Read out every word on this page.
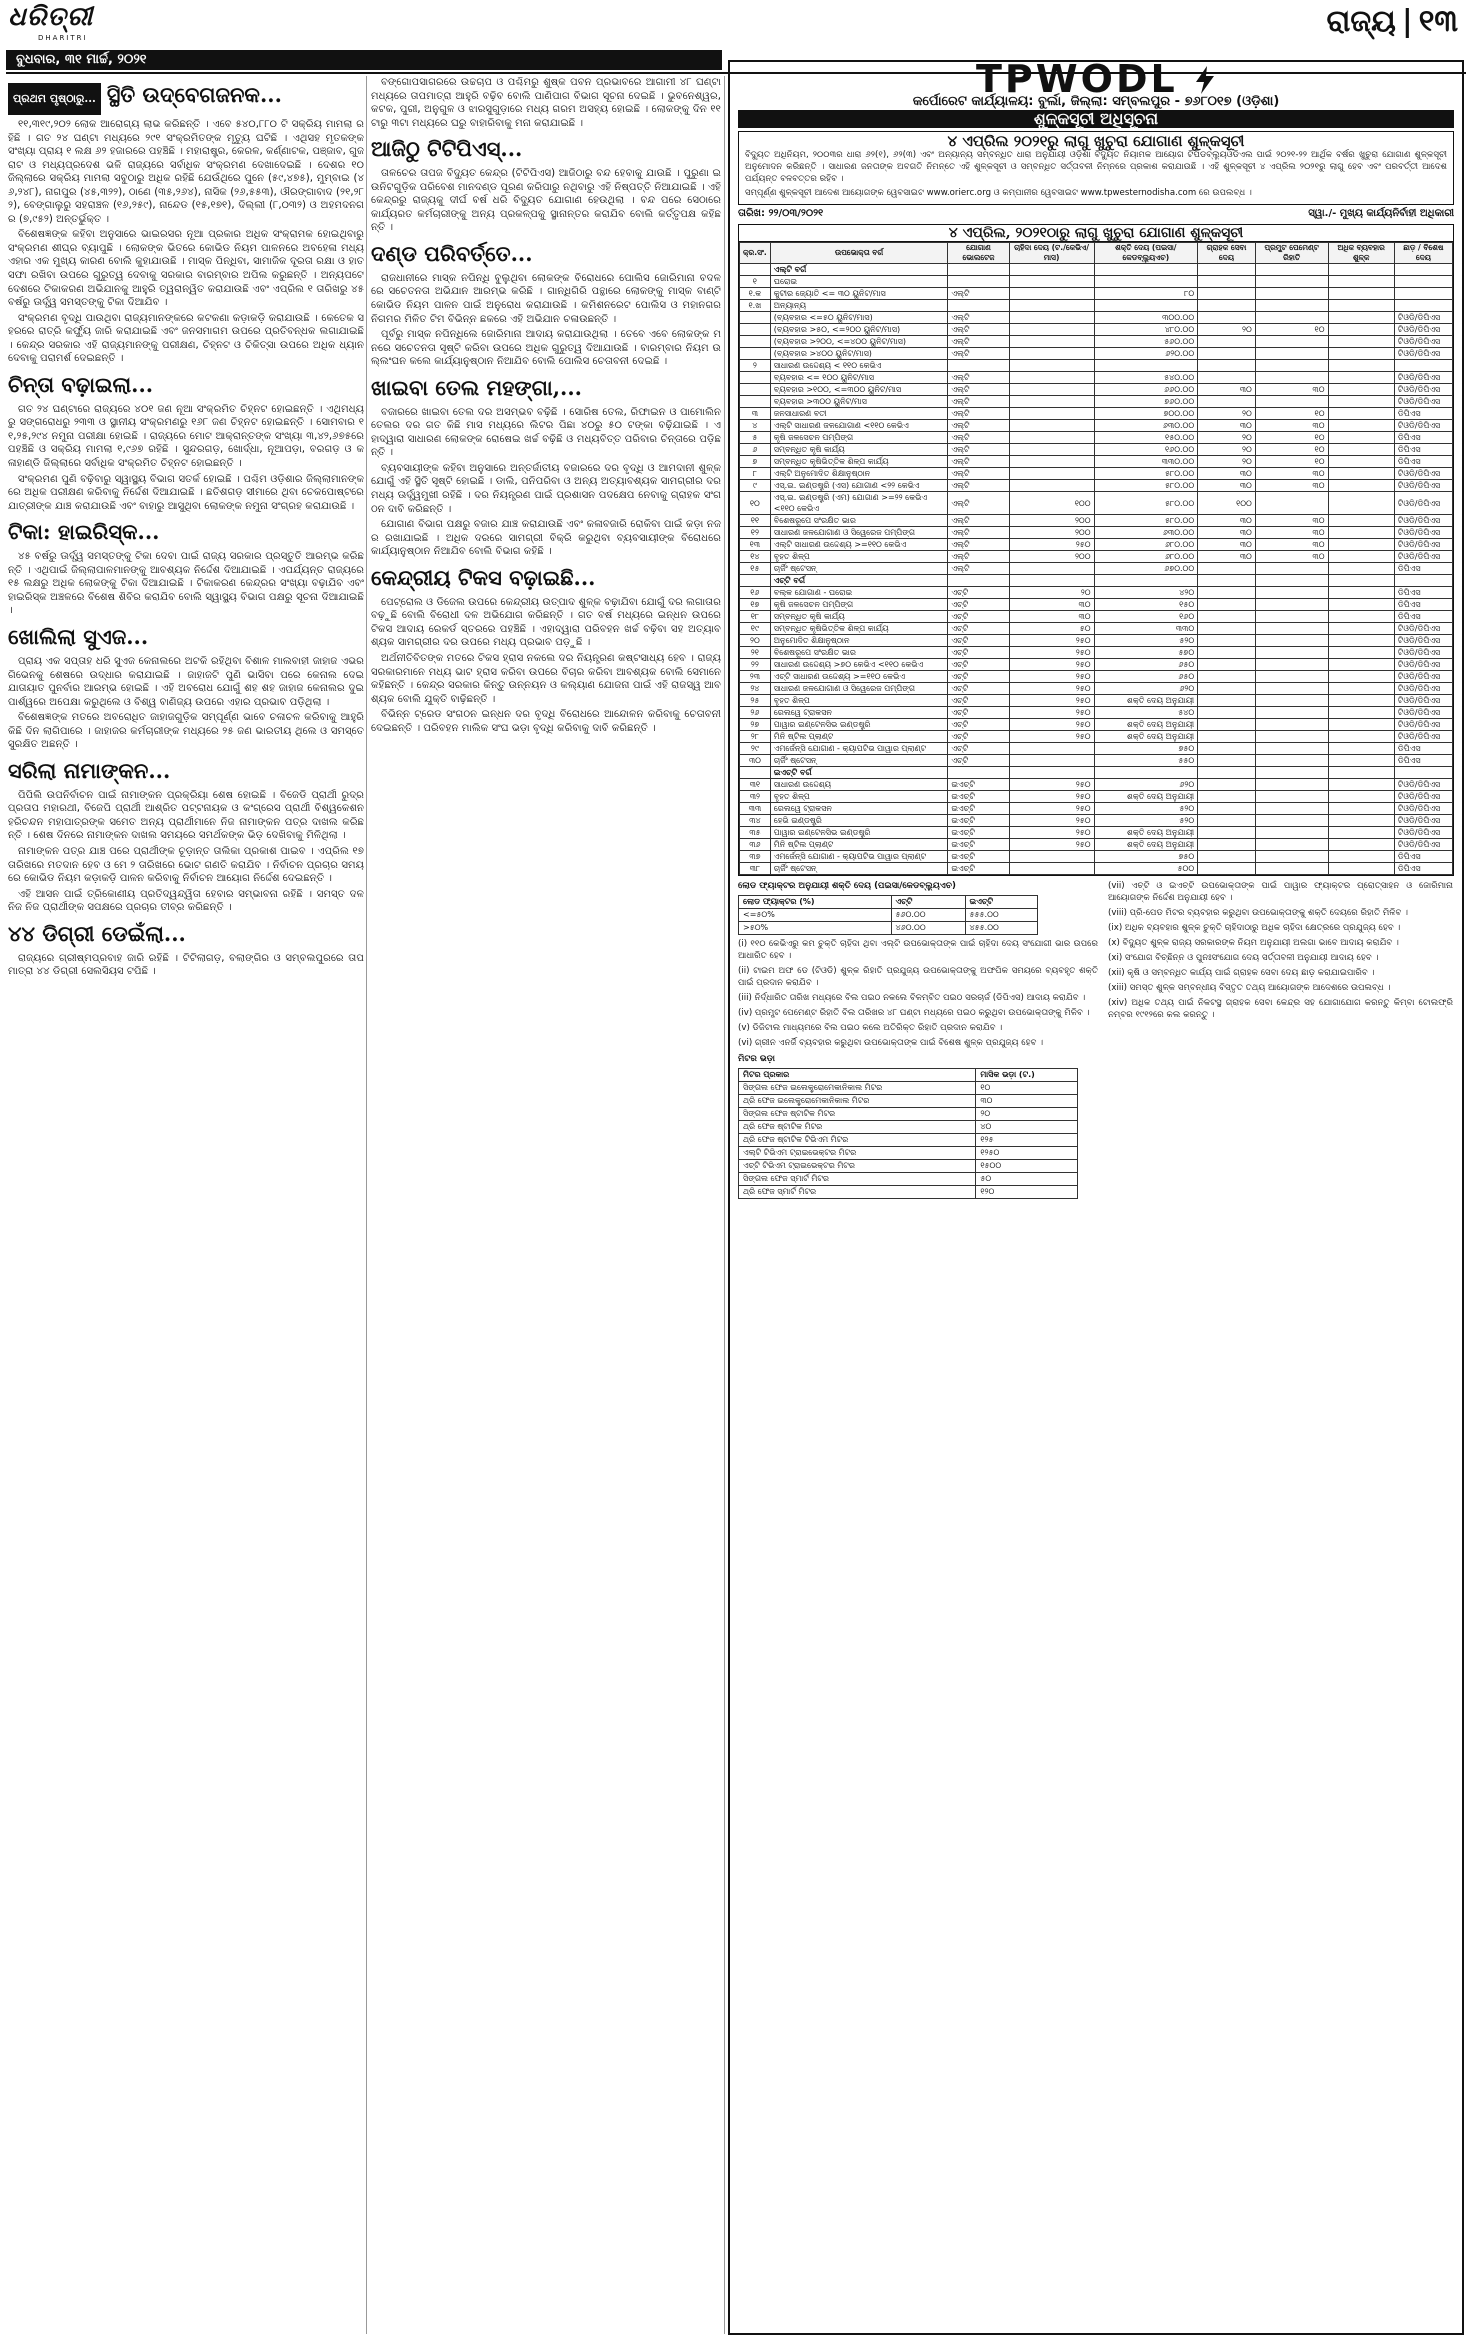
ଧରିତ୍ରୀ
DHARITRI	ରାଜ୍ୟ | ୧୩
ବୁଧବାର, ୩୧ ମାର୍ଚ୍ଚ, ୨୦୨୧
ପ୍ରଥମ ପୃଷ୍ଠାରୁ... ସ୍ଥିତି ଉଦ୍‌ବେଗଜନକ...

୧୧,୩୧୯,୨୦୨ ଲୋକ ଆରୋଗ୍ୟ ଲାଭ କରିଛନ୍ତି । ଏବେ ୫୪୦,୮୮୦ ଟି ସକ୍ରିୟ ମାମଲା ରହିଛି । ଗତ ୨୪ ଘଣ୍ଟା ମଧ୍ୟରେ ୨୯୧ ସଂକ୍ରମିତଙ୍କ ମୃତ୍ୟୁ ଘଟିଛି । ଏଥିସହ ମୃତକଙ୍କ ସଂଖ୍ୟା ପ୍ରାୟ ୧ ଲକ୍ଷ ୬୨ ହଜାରରେ ପହଞ୍ଚିଛି । ମହାରାଷ୍ଟ୍ର, କେରଳ, କର୍ଣ୍ଣାଟକ, ପଞ୍ଜାବ, ଗୁଜରାଟ ଓ ମଧ୍ୟପ୍ରଦେଶ ଭଳି ରାଜ୍ୟରେ ସର୍ବାଧିକ ସଂକ୍ରମଣ ଦେଖାଦେଇଛି । ଦେଶର ୧୦ ଜିଲ୍ଲାରେ ସକ୍ରିୟ ମାମଲା ସବୁଠାରୁ ଅଧିକ ରହିଛି ଯେଉଁଥିରେ ପୁନେ (୫୯,୪୭୫), ମୁମ୍ବାଇ (୪୬,୨୪୮), ନାଗପୁର (୪୫,୩୨୨), ଠାଣେ (୩୫,୨୬୪), ନାସିକ (୨୬,୫୫୩), ଔରଙ୍ଗାବାଦ (୨୧,୨୮୨), ବେଙ୍ଗାଲୁରୁ ସହରାଞ୍ଚଳ (୧୬,୨୫୯), ନାନ୍ଦେଡ (୧୫,୧୭୧), ଦିଲ୍ଲୀ (୮,୦୩୨) ଓ ଅହମଦନଗର (୭,୯୫୨) ଅନ୍ତର୍ଭୁକ୍ତ ।

ବିଶେଷଜ୍ଞଙ୍କ କହିବା ଅନୁସାରେ ଭାଇରସର ନୂଆ ପ୍ରକାର ଅଧିକ ସଂକ୍ରାମକ ହୋଇଥିବାରୁ ସଂକ୍ରମଣ ଶୀଘ୍ର ବ୍ୟାପୁଛି । ଲୋକଙ୍କ ଭିତରେ କୋଭିଡ ନିୟମ ପାଳନରେ ଅବହେଳା ମଧ୍ୟ ଏହାର ଏକ ମୁଖ୍ୟ କାରଣ ବୋଲି କୁହାଯାଉଛି । ମାସ୍କ ପିନ୍ଧିବା, ସାମାଜିକ ଦୂରତା ରକ୍ଷା ଓ ହାତ ସଫା ରଖିବା ଉପରେ ଗୁରୁତ୍ୱ ଦେବାକୁ ସରକାର ବାରମ୍ବାର ଅପିଲ କରୁଛନ୍ତି । ଅନ୍ୟପଟେ ଦେଶରେ ଟିକାକରଣ ଅଭିଯାନକୁ ଆହୁରି ତ୍ୱରାନ୍ୱିତ କରାଯାଉଛି ଏବଂ ଏପ୍ରିଲ ୧ ତାରିଖରୁ ୪୫ ବର୍ଷରୁ ଊର୍ଦ୍ଧ୍ୱ ସମସ୍ତଙ୍କୁ ଟିକା ଦିଆଯିବ ।

ସଂକ୍ରମଣ ବୃଦ୍ଧି ପାଉଥିବା ରାଜ୍ୟମାନଙ୍କରେ କଟକଣା କଡ଼ାକଡ଼ି କରାଯାଉଛି । କେତେକ ସହରରେ ରାତ୍ରି କର୍ଫ୍ୟୁ ଜାରି କରାଯାଇଛି ଏବଂ ଜନସମାଗମ ଉପରେ ପ୍ରତିବନ୍ଧକ ଲଗାଯାଇଛି । କେନ୍ଦ୍ର ସରକାର ଏହି ରାଜ୍ୟମାନଙ୍କୁ ପରୀକ୍ଷଣ, ଚିହ୍ନଟ ଓ ଚିକିତ୍ସା ଉପରେ ଅଧିକ ଧ୍ୟାନ ଦେବାକୁ ପରାମର୍ଶ ଦେଇଛନ୍ତି ।

ଚିନ୍ତା ବଢ଼ାଇଲା...

ଗତ ୨୪ ଘଣ୍ଟାରେ ରାଜ୍ୟରେ ୪୦୧ ଜଣ ନୂଆ ସଂକ୍ରମିତ ଚିହ୍ନଟ ହୋଇଛନ୍ତି । ଏଥିମଧ୍ୟରୁ ସଙ୍ଗରୋଧରୁ ୨୩୩ ଓ ସ୍ଥାନୀୟ ସଂକ୍ରମଣରୁ ୧୬୮ ଜଣ ଚିହ୍ନଟ ହୋଇଛନ୍ତି । ସୋମବାର ୧୧,୨୫,୨୯୪ ନମୁନା ପରୀକ୍ଷା ହୋଇଛି । ରାଜ୍ୟରେ ମୋଟ ଆକ୍ରାନ୍ତଙ୍କ ସଂଖ୍ୟା ୩,୪୨,୬୭୫ରେ ପହଞ୍ଚିଛି ଓ ସକ୍ରିୟ ମାମଲା ୧,୯୬୭ ରହିଛି । ସୁନ୍ଦରଗଡ଼, ଖୋର୍ଦ୍ଧା, ନୂଆପଡ଼ା, ବରଗଡ଼ ଓ କଳାହାଣ୍ଡି ଜିଲ୍ଲାରେ ସର୍ବାଧିକ ସଂକ୍ରମିତ ଚିହ୍ନଟ ହୋଇଛନ୍ତି ।

ସଂକ୍ରମଣ ପୁଣି ବଢ଼ିବାରୁ ସ୍ୱାସ୍ଥ୍ୟ ବିଭାଗ ସତର୍କ ହୋଇଛି । ପଶ୍ଚିମ ଓଡ଼ିଶାର ଜିଲ୍ଲାମାନଙ୍କରେ ଅଧିକ ପରୀକ୍ଷଣ କରିବାକୁ ନିର୍ଦ୍ଦେଶ ଦିଆଯାଇଛି । ଛତିଶଗଡ଼ ସୀମାରେ ଥିବା ଚେକପୋଷ୍ଟରେ ଯାତ୍ରୀଙ୍କ ଯାଞ୍ଚ କରାଯାଉଛି ଏବଂ ବାହାରୁ ଆସୁଥିବା ଲୋକଙ୍କ ନମୁନା ସଂଗ୍ରହ କରାଯାଉଛି ।

ଟିକା: ହାଇରିସ୍କ...

୪୫ ବର୍ଷରୁ ଊର୍ଦ୍ଧ୍ୱ ସମସ୍ତଙ୍କୁ ଟିକା ଦେବା ପାଇଁ ରାଜ୍ୟ ସରକାର ପ୍ରସ୍ତୁତି ଆରମ୍ଭ କରିଛନ୍ତି । ଏଥିପାଇଁ ଜିଲ୍ଲାପାଳମାନଙ୍କୁ ଆବଶ୍ୟକ ନିର୍ଦ୍ଦେଶ ଦିଆଯାଇଛି । ଏପର୍ଯ୍ୟନ୍ତ ରାଜ୍ୟରେ ୧୫ ଲକ୍ଷରୁ ଅଧିକ ଲୋକଙ୍କୁ ଟିକା ଦିଆଯାଇଛି । ଟିକାକରଣ କେନ୍ଦ୍ରର ସଂଖ୍ୟା ବଢ଼ାଯିବ ଏବଂ ହାଇରିସ୍କ ଅଞ୍ଚଳରେ ବିଶେଷ ଶିବିର କରାଯିବ ବୋଲି ସ୍ୱାସ୍ଥ୍ୟ ବିଭାଗ ପକ୍ଷରୁ ସୂଚନା ଦିଆଯାଇଛି ।

ଖୋଲିଲା ସୁଏଜ...

ପ୍ରାୟ ଏକ ସପ୍ତାହ ଧରି ସୁଏଜ କେନାଲରେ ଅଟକି ରହିଥିବା ବିଶାଳ ମାଲବାହୀ ଜାହାଜ ଏଭର ଗିଭେନକୁ ଶେଷରେ ଉଦ୍ଧାର କରାଯାଇଛି । ଜାହାଜଟି ପୁଣି ଭାସିବା ପରେ କେନାଲ ଦେଇ ଯାତାୟାତ ପୁନର୍ବାର ଆରମ୍ଭ ହୋଇଛି । ଏହି ଅବରୋଧ ଯୋଗୁଁ ଶହ ଶହ ଜାହାଜ କେନାଲର ଦୁଇ ପାର୍ଶ୍ୱରେ ଅପେକ୍ଷା କରୁଥିଲେ ଓ ବିଶ୍ୱ ବାଣିଜ୍ୟ ଉପରେ ଏହାର ପ୍ରଭାବ ପଡ଼ିଥିଲା ।

ବିଶେଷଜ୍ଞଙ୍କ ମତରେ ଅବରୋଧିତ ଜାହାଜଗୁଡ଼ିକ ସମ୍ପୂର୍ଣ୍ଣ ଭାବେ ଚଳାଚଳ କରିବାକୁ ଆହୁରି କିଛି ଦିନ ଲାଗିପାରେ । ଜାହାଜର କର୍ମଚାରୀଙ୍କ ମଧ୍ୟରେ ୨୫ ଜଣ ଭାରତୀୟ ଥିଲେ ଓ ସମସ୍ତେ ସୁରକ୍ଷିତ ଅଛନ୍ତି ।

ସରିଲା ନାମାଙ୍କନ...

ପିପିଲି ଉପନିର୍ବାଚନ ପାଇଁ ନାମାଙ୍କନ ପ୍ରକ୍ରିୟା ଶେଷ ହୋଇଛି । ବିଜେଡି ପ୍ରାର୍ଥୀ ରୁଦ୍ର ପ୍ରତାପ ମହାରଥୀ, ବିଜେପି ପ୍ରାର୍ଥୀ ଆଶ୍ରିତ ପଟ୍ଟନାୟକ ଓ କଂଗ୍ରେସ ପ୍ରାର୍ଥୀ ବିଶ୍ୱକେଶନ ହରିଚନ୍ଦନ ମହାପାତ୍ରଙ୍କ ସମେତ ଅନ୍ୟ ପ୍ରାର୍ଥୀମାନେ ନିଜ ନାମାଙ୍କନ ପତ୍ର ଦାଖଲ କରିଛନ୍ତି । ଶେଷ ଦିନରେ ନାମାଙ୍କନ ଦାଖଲ ସମୟରେ ସମର୍ଥକଙ୍କ ଭିଡ଼ ଦେଖିବାକୁ ମିଳିଥିଲା ।

ନାମାଙ୍କନ ପତ୍ର ଯାଞ୍ଚ ପରେ ପ୍ରାର୍ଥୀଙ୍କ ଚୂଡ଼ାନ୍ତ ତାଲିକା ପ୍ରକାଶ ପାଇବ । ଏପ୍ରିଲ ୧୭ ତାରିଖରେ ମତଦାନ ହେବ ଓ ମେ ୨ ତାରିଖରେ ଭୋଟ ଗଣତି କରାଯିବ । ନିର୍ବାଚନ ପ୍ରଚାର ସମୟରେ କୋଭିଡ ନିୟମ କଡ଼ାକଡ଼ି ପାଳନ କରିବାକୁ ନିର୍ବାଚନ ଆୟୋଗ ନିର୍ଦ୍ଦେଶ ଦେଇଛନ୍ତି ।

ଏହି ଆସନ ପାଇଁ ତ୍ରିକୋଣୀୟ ପ୍ରତିଦ୍ୱନ୍ଦ୍ୱିତା ହେବାର ସମ୍ଭାବନା ରହିଛି । ସମସ୍ତ ଦଳ ନିଜ ନିଜ ପ୍ରାର୍ଥୀଙ୍କ ସପକ୍ଷରେ ପ୍ରଚାର ତୀବ୍ର କରିଛନ୍ତି ।

୪୪ ଡିଗ୍ରୀ ଡେଇଁଲା...

ରାଜ୍ୟରେ ଗ୍ରୀଷ୍ମପ୍ରବାହ ଜାରି ରହିଛି । ଟିଟିଲାଗଡ଼, ବଲାଙ୍ଗିର ଓ ସମ୍ବଲପୁରରେ ତାପମାତ୍ରା ୪୪ ଡିଗ୍ରୀ ସେଲସିୟସ ଟପିଛି ।

ବଙ୍ଗୋପସାଗରରେ ଉଚ୍ଚଚାପ ଓ ପଶ୍ଚିମରୁ ଶୁଷ୍କ ପବନ ପ୍ରଭାବରେ ଆଗାମୀ ୪୮ ଘଣ୍ଟା ମଧ୍ୟରେ ତାପମାତ୍ରା ଆହୁରି ବଢ଼ିବ ବୋଲି ପାଣିପାଗ ବିଭାଗ ସୂଚନା ଦେଇଛି । ଭୁବନେଶ୍ୱର, କଟକ, ପୁରୀ, ଅନୁଗୁଳ ଓ ଝାରସୁଗୁଡ଼ାରେ ମଧ୍ୟ ଗରମ ଅସହ୍ୟ ହୋଇଛି । ଲୋକଙ୍କୁ ଦିନ ୧୧ଟାରୁ ୩ଟା ମଧ୍ୟରେ ଘରୁ ବାହାରିବାକୁ ମନା କରାଯାଇଛି ।

ଆଜିଠୁ ଟିଟିପିଏସ୍...

ତାଳଚେର ତାପଜ ବିଦ୍ୟୁତ କେନ୍ଦ୍ର (ଟିଟିପିଏସ) ଆଜିଠାରୁ ବନ୍ଦ ହେବାକୁ ଯାଉଛି । ପୁରୁଣା ଇଉନିଟଗୁଡ଼ିକ ପରିବେଶ ମାନଦଣ୍ଡ ପୂରଣ କରିପାରୁ ନଥିବାରୁ ଏହି ନିଷ୍ପତ୍ତି ନିଆଯାଇଛି । ଏହି କେନ୍ଦ୍ରରୁ ରାଜ୍ୟକୁ ଦୀର୍ଘ ବର୍ଷ ଧରି ବିଦ୍ୟୁତ ଯୋଗାଣ ହେଉଥିଲା । ବନ୍ଦ ପରେ ସେଠାରେ କାର୍ଯ୍ୟରତ କର୍ମଚାରୀଙ୍କୁ ଅନ୍ୟ ପ୍ରକଳ୍ପକୁ ସ୍ଥାନାନ୍ତର କରାଯିବ ବୋଲି କର୍ତ୍ତୃପକ୍ଷ କହିଛନ୍ତି ।

ଦଣ୍ଡ ପରିବର୍ତ୍ତେ...

ରାଜଧାନୀରେ ମାସ୍କ ନପିନ୍ଧି ବୁଲୁଥିବା ଲୋକଙ୍କ ବିରୋଧରେ ପୋଲିସ ଜୋରିମାନା ବଦଳରେ ସଚେତନତା ଅଭିଯାନ ଆରମ୍ଭ କରିଛି । ଗାନ୍ଧିଗିରି ପନ୍ଥାରେ ଲୋକଙ୍କୁ ମାସ୍କ ବାଣ୍ଟି କୋଭିଡ ନିୟମ ପାଳନ ପାଇଁ ଅନୁରୋଧ କରାଯାଉଛି । କମିଶନରେଟ ପୋଲିସ ଓ ମହାନଗର ନିଗମର ମିଳିତ ଟିମ ବିଭିନ୍ନ ଛକରେ ଏହି ଅଭିଯାନ ଚଳାଉଛନ୍ତି ।

ପୂର୍ବରୁ ମାସ୍କ ନପିନ୍ଧିଲେ ଜୋରିମାନା ଆଦାୟ କରାଯାଉଥିଲା । ତେବେ ଏବେ ଲୋକଙ୍କ ମନରେ ସଚେତନତା ସୃଷ୍ଟି କରିବା ଉପରେ ଅଧିକ ଗୁରୁତ୍ୱ ଦିଆଯାଉଛି । ବାରମ୍ବାର ନିୟମ ଉଲ୍ଲଂଘନ କଲେ କାର୍ଯ୍ୟାନୁଷ୍ଠାନ ନିଆଯିବ ବୋଲି ପୋଲିସ ଚେତାବନୀ ଦେଇଛି ।

ଖାଇବା ତେଲ ମହଙ୍ଗା,...

ବଜାରରେ ଖାଇବା ତେଲ ଦର ଅସମ୍ଭବ ବଢ଼ିଛି । ସୋରିଷ ତେଲ, ରିଫାଇନ ଓ ପାମୋଲିନ ତେଲର ଦର ଗତ କିଛି ମାସ ମଧ୍ୟରେ ଲିଟର ପିଛା ୪୦ରୁ ୫୦ ଟଙ୍କା ବଢ଼ିଯାଇଛି । ଏହାଦ୍ୱାରା ସାଧାରଣ ଲୋକଙ୍କ ରୋଷେଇ ଖର୍ଚ୍ଚ ବଢ଼ିଛି ଓ ମଧ୍ୟବିତ୍ତ ପରିବାର ଚିନ୍ତାରେ ପଡ଼ିଛନ୍ତି ।

ବ୍ୟବସାୟୀଙ୍କ କହିବା ଅନୁସାରେ ଅନ୍ତର୍ଜାତୀୟ ବଜାରରେ ଦର ବୃଦ୍ଧି ଓ ଆମଦାନୀ ଶୁଳ୍କ ଯୋଗୁଁ ଏହି ସ୍ଥିତି ସୃଷ୍ଟି ହୋଇଛି । ଡାଲି, ପନିପରିବା ଓ ଅନ୍ୟ ଅତ୍ୟାବଶ୍ୟକ ସାମଗ୍ରୀର ଦର ମଧ୍ୟ ଊର୍ଦ୍ଧ୍ୱମୁଖୀ ରହିଛି । ଦର ନିୟନ୍ତ୍ରଣ ପାଇଁ ପ୍ରଶାସନ ପଦକ୍ଷେପ ନେବାକୁ ଗ୍ରାହକ ସଂଗଠନ ଦାବି କରିଛନ୍ତି ।

ଯୋଗାଣ ବିଭାଗ ପକ୍ଷରୁ ବଜାର ଯାଞ୍ଚ କରାଯାଉଛି ଏବଂ କଳାବଜାରି ରୋକିବା ପାଇଁ କଡ଼ା ନଜର ରଖାଯାଇଛି । ଅଧିକ ଦରରେ ସାମଗ୍ରୀ ବିକ୍ରି କରୁଥିବା ବ୍ୟବସାୟୀଙ୍କ ବିରୋଧରେ କାର୍ଯ୍ୟାନୁଷ୍ଠାନ ନିଆଯିବ ବୋଲି ବିଭାଗ କହିଛି ।

କେନ୍ଦ୍ରୀୟ ଟିକସ ବଢ଼ାଇଛି...

ପେଟ୍ରୋଲ ଓ ଡିଜେଲ ଉପରେ କେନ୍ଦ୍ରୀୟ ଉତ୍ପାଦ ଶୁଳ୍କ ବଢ଼ାଯିବା ଯୋଗୁଁ ଦର ଲଗାତାର ବଢ଼ୁଛି ବୋଲି ବିରୋଧୀ ଦଳ ଅଭିଯୋଗ କରିଛନ୍ତି । ଗତ ବର୍ଷ ମଧ୍ୟରେ ଇନ୍ଧନ ଉପରେ ଟିକସ ଆଦାୟ ରେକର୍ଡ ସ୍ତରରେ ପହଞ୍ଚିଛି । ଏହାଦ୍ୱାରା ପରିବହନ ଖର୍ଚ୍ଚ ବଢ଼ିବା ସହ ଅତ୍ୟାବଶ୍ୟକ ସାମଗ୍ରୀର ଦର ଉପରେ ମଧ୍ୟ ପ୍ରଭାବ ପଡ଼ୁଛି ।

ଅର୍ଥନୀତିବିତଙ୍କ ମତରେ ଟିକସ ହ୍ରାସ ନକଲେ ଦର ନିୟନ୍ତ୍ରଣ କଷ୍ଟସାଧ୍ୟ ହେବ । ରାଜ୍ୟ ସରକାରମାନେ ମଧ୍ୟ ଭାଟ ହ୍ରାସ କରିବା ଉପରେ ବିଚାର କରିବା ଆବଶ୍ୟକ ବୋଲି ସେମାନେ କହିଛନ୍ତି । କେନ୍ଦ୍ର ସରକାର କିନ୍ତୁ ଉନ୍ନୟନ ଓ କଲ୍ୟାଣ ଯୋଜନା ପାଇଁ ଏହି ରାଜସ୍ୱ ଆବଶ୍ୟକ ବୋଲି ଯୁକ୍ତି ବାଢ଼ିଛନ୍ତି ।

ବିଭିନ୍ନ ଟ୍ରେଡ ସଂଗଠନ ଇନ୍ଧନ ଦର ବୃଦ୍ଧି ବିରୋଧରେ ଆନ୍ଦୋଳନ କରିବାକୁ ଚେତାବନୀ ଦେଇଛନ୍ତି । ପରିବହନ ମାଲିକ ସଂଘ ଭଡ଼ା ବୃଦ୍ଧି କରିବାକୁ ଦାବି କରିଛନ୍ତି ।

TPWODL
କର୍ପୋରେଟ କାର୍ଯ୍ୟାଳୟ: ବୁର୍ଲା, ଜିଲ୍ଲା: ସମ୍ବଲପୁର - ୭୬୮୦୧୭ (ଓଡ଼ିଶା)
ଶୁଳ୍କସୂଚୀ ଅଧିସୂଚନା
୪ ଏପ୍ରିଲ ୨୦୨୧ରୁ ଲାଗୁ ଖୁଚୁରା ଯୋଗାଣ ଶୁଳ୍କସୂଚୀ

ବିଦ୍ୟୁତ ଅଧିନିୟମ, ୨୦୦୩ର ଧାରା ୬୨(୧), ୬୨(୩) ଏବଂ ଅନ୍ୟାନ୍ୟ ସମ୍ବନ୍ଧିତ ଧାରା ଅନୁଯାୟୀ ଓଡ଼ିଶା ବିଦ୍ୟୁତ ନିୟାମକ ଆୟୋଗ ଟିପିଡବ୍ଲ୍ୟୁଓଡିଏଲ ପାଇଁ ୨୦୨୧-୨୨ ଆର୍ଥିକ ବର୍ଷର ଖୁଚୁରା ଯୋଗାଣ ଶୁଳ୍କସୂଚୀ ଅନୁମୋଦନ କରିଛନ୍ତି । ସାଧାରଣ ଜନତାଙ୍କ ଅବଗତି ନିମନ୍ତେ ଏହି ଶୁଳ୍କସୂଚୀ ଓ ସମ୍ବନ୍ଧିତ ସର୍ତ୍ତାବଳୀ ନିମ୍ନରେ ପ୍ରକାଶ କରାଯାଉଛି । ଏହି ଶୁଳ୍କସୂଚୀ ୪ ଏପ୍ରିଲ ୨୦୨୧ରୁ ଲାଗୁ ହେବ ଏବଂ ପରବର୍ତ୍ତୀ ଆଦେଶ ପର୍ଯ୍ୟନ୍ତ ବଳବତ୍ତର ରହିବ ।

ସମ୍ପୂର୍ଣ୍ଣ ଶୁଳ୍କସୂଚୀ ଆଦେଶ ଆୟୋଗଙ୍କ ୱେବସାଇଟ www.orierc.org ଓ କମ୍ପାନୀର ୱେବସାଇଟ www.tpwesternodisha.com ରେ ଉପଲବ୍ଧ ।

ତାରିଖ: ୨୨/୦୩/୨୦୨୧	ସ୍ୱା./- ମୁଖ୍ୟ କାର୍ଯ୍ୟନିର୍ବାହୀ ଅଧିକାରୀ
୪ ଏପ୍ରିଲ, ୨୦୨୧ଠାରୁ ଲାଗୁ ଖୁଚୁରା ଯୋଗାଣ ଶୁଳ୍କସୂଚୀ
କ୍ର.ସଂ.	ଉପଭୋକ୍ତା ବର୍ଗ	ଯୋଗାଣ ଭୋଲଟେଜ	ଚାହିଦା ଦେୟ (ଟ./କେଭିଏ/ମାସ)	ଶକ୍ତି ଦେୟ (ପଇସା/କେଡବ୍ଲ୍ୟୁଏଚ)	ଗ୍ରାହକ ସେବା ଦେୟ	ପ୍ରମ୍ପ୍ଟ ପେମେଣ୍ଟ ରିହାତି	ଅଧିକ ବ୍ୟବହାର ଶୁଳ୍କ	ଛାଡ଼ / ବିଶେଷ ଦେୟ
	ଏଲ୍‌ଟି ବର୍ଗ							
୧	ଘରୋଇ							
୧.କ	କୁଟୀର ଜ୍ୟୋତି <= ୩୦ ୟୁନିଟ/ମାସ	ଏଲ୍‌ଟି		୮୦				
୧.ଖ	ଅନ୍ୟାନ୍ୟ							
	(ବ୍ୟବହାର <=୫୦ ୟୁନିଟ/ମାସ)	ଏଲ୍‌ଟି		୩୦୦.୦୦				ଟିଓଡି/ଡିପିଏସ
	(ବ୍ୟବହାର >୫୦, <=୨୦୦ ୟୁନିଟ/ମାସ)	ଏଲ୍‌ଟି		୪୮୦.୦୦	୨୦	୧୦		ଟିଓଡି/ଡିପିଏସ
	(ବ୍ୟବହାର >୨୦୦, <=୪୦୦ ୟୁନିଟ/ମାସ)	ଏଲ୍‌ଟି		୫୬୦.୦୦				ଟିଓଡି/ଡିପିଏସ
	(ବ୍ୟବହାର >୪୦୦ ୟୁନିଟ/ମାସ)	ଏଲ୍‌ଟି		୬୨୦.୦୦				ଟିଓଡି/ଡିପିଏସ
୨	ସାଧାରଣ ଉଦ୍ଦେଶ୍ୟ < ୧୧୦ କେଭିଏ							
	ବ୍ୟବହାର <= ୧୦୦ ୟୁନିଟ/ମାସ	ଏଲ୍‌ଟି		୫୪୦.୦୦				ଟିଓଡି/ଡିପିଏସ
	ବ୍ୟବହାର >୧୦୦, <=୩୦୦ ୟୁନିଟ/ମାସ	ଏଲ୍‌ଟି		୬୬୦.୦୦	୩୦	୩୦		ଟିଓଡି/ଡିପିଏସ
	ବ୍ୟବହାର >୩୦୦ ୟୁନିଟ/ମାସ	ଏଲ୍‌ଟି		୭୬୦.୦୦				ଟିଓଡି/ଡିପିଏସ
୩	ଜନସାଧାରଣ ବତୀ	ଏଲ୍‌ଟି		୭୦୦.୦୦	୨୦	୧୦		ଡିପିଏସ
୪	ଏଲ୍‌ଟି ସାଧାରଣ ଜଳଯୋଗାଣ <୧୧୦ କେଭିଏ	ଏଲ୍‌ଟି		୬୩୦.୦୦	୩୦	୩୦		ଟିଓଡି/ଡିପିଏସ
୫	କୃଷି ଜଳସେଚନ ପମ୍ପିଙ୍ଗ	ଏଲ୍‌ଟି		୧୫୦.୦୦	୨୦	୧୦		ଡିପିଏସ
୬	ସମ୍ବନ୍ଧିତ କୃଷି କାର୍ଯ୍ୟ	ଏଲ୍‌ଟି		୧୬୦.୦୦	୨୦	୧୦		ଡିପିଏସ
୭	ସମ୍ବନ୍ଧିତ କୃଷିଭିତ୍ତିକ ଶିଳ୍ପ କାର୍ଯ୍ୟ	ଏଲ୍‌ଟି		୩୩୦.୦୦	୨୦	୧୦		ଡିପିଏସ
୮	ଏଲ୍‌ଟି ଅନୁମୋଦିତ ଶିକ୍ଷାନୁଷ୍ଠାନ	ଏଲ୍‌ଟି		୫୮୦.୦୦	୩୦	୩୦		ଟିଓଡି/ଡିପିଏସ
୯	ଏସ୍‌.ଇ. ଇଣ୍ଡଷ୍ଟ୍ରି (ଏସ) ଯୋଗାଣ <୨୨ କେଭିଏ	ଏଲ୍‌ଟି		୫୮୦.୦୦	୩୦	୩୦		ଟିଓଡି/ଡିପିଏସ
୧୦	ଏସ୍‌.ଇ. ଇଣ୍ଡଷ୍ଟ୍ରି (ଏମ) ଯୋଗାଣ >=୨୨ କେଭିଏ <୧୧୦ କେଭିଏ	ଏଲ୍‌ଟି	୧୦୦	୫୮୦.୦୦	୧୦୦			ଟିଓଡି/ଡିପିଏସ
୧୧	ବିଶେଷରୂପେ ସଂରକ୍ଷିତ ଭାର	ଏଲ୍‌ଟି	୨୦୦	୫୮୦.୦୦	୩୦	୩୦		ଟିଓଡି/ଡିପିଏସ
୧୨	ସାଧାରଣ ଜଳଯୋଗାଣ ଓ ସିୱେରେଜ ପମ୍ପିଙ୍ଗ	ଏଲ୍‌ଟି	୨୦୦	୬୩୦.୦୦	୩୦	୩୦		ଟିଓଡି/ଡିପିଏସ
୧୩	ଏଲ୍‌ଟି ସାଧାରଣ ଉଦ୍ଦେଶ୍ୟ >=୧୧୦ କେଭିଏ	ଏଲ୍‌ଟି	୨୫୦	୬୮୦.୦୦	୩୦	୩୦		ଟିଓଡି/ଡିପିଏସ
୧୪	ବୃହତ ଶିଳ୍ପ	ଏଲ୍‌ଟି	୨୦୦	୬୮୦.୦୦	୩୦	୩୦		ଟିଓଡି/ଡିପିଏସ
୧୫	ଚାର୍ଜିଂ ଷ୍ଟେସନ୍	ଏଲ୍‌ଟି		୬୭୦.୦୦				ଡିପିଏସ
	ଏଚ୍‌ଟି ବର୍ଗ							
୧୬	ବଲ୍କ ଯୋଗାଣ - ଘରୋଇ	ଏଚ୍‌ଟି	୨୦	୪୨୦				ଡିପିଏସ
୧୭	କୃଷି ଜଳସେଚନ ପମ୍ପିଙ୍ଗ	ଏଚ୍‌ଟି	୩୦	୧୫୦				ଡିପିଏସ
୧୮	ସମ୍ବନ୍ଧିତ କୃଷି କାର୍ଯ୍ୟ	ଏଚ୍‌ଟି	୩୦	୧୬୦				ଡିପିଏସ
୧୯	ସମ୍ବନ୍ଧିତ କୃଷିଭିତ୍ତିକ ଶିଳ୍ପ କାର୍ଯ୍ୟ	ଏଚ୍‌ଟି	୫୦	୩୩୦				ଟିଓଡି/ଡିପିଏସ
୨୦	ଅନୁମୋଦିତ ଶିକ୍ଷାନୁଷ୍ଠାନ	ଏଚ୍‌ଟି	୨୫୦	୫୨୦				ଟିଓଡି/ଡିପିଏସ
୨୧	ବିଶେଷରୂପେ ସଂରକ୍ଷିତ ଭାର	ଏଚ୍‌ଟି	୨୫୦	୫୭୦				ଟିଓଡି/ଡିପିଏସ
୨୨	ସାଧାରଣ ଉଦ୍ଦେଶ୍ୟ >୭୦ କେଭିଏ <୧୧୦ କେଭିଏ	ଏଚ୍‌ଟି	୨୫୦	୬୫୦				ଟିଓଡି/ଡିପିଏସ
୨୩	ଏଚ୍‌ଟି ସାଧାରଣ ଉଦ୍ଦେଶ୍ୟ >=୧୧୦ କେଭିଏ	ଏଚ୍‌ଟି	୨୫୦	୬୫୦				ଟିଓଡି/ଡିପିଏସ
୨୪	ସାଧାରଣ ଜଳଯୋଗାଣ ଓ ସିୱେରେଜ ପମ୍ପିଙ୍ଗ	ଏଚ୍‌ଟି	୨୫୦	୬୨୦				ଟିଓଡି/ଡିପିଏସ
୨୫	ବୃହତ ଶିଳ୍ପ	ଏଚ୍‌ଟି	୨୫୦	ଶକ୍ତି ଦେୟ ଅନୁଯାୟୀ				ଟିଓଡି/ଡିପିଏସ
୨୬	ରେଲୱେ ଟ୍ରାକସନ	ଏଚ୍‌ଟି	୨୫୦	୫୪୦				ଟିଓଡି/ଡିପିଏସ
୨୭	ପାୱାର ଇଣ୍ଟେନସିଭ ଇଣ୍ଡଷ୍ଟ୍ରି	ଏଚ୍‌ଟି	୨୫୦	ଶକ୍ତି ଦେୟ ଅନୁଯାୟୀ				ଟିଓଡି/ଡିପିଏସ
୨୮	ମିନି ଷ୍ଟିଲ ପ୍ଲାଣ୍ଟ	ଏଚ୍‌ଟି	୨୫୦	ଶକ୍ତି ଦେୟ ଅନୁଯାୟୀ				ଟିଓଡି/ଡିପିଏସ
୨୯	ଏମର୍ଜେନ୍ସି ଯୋଗାଣ - କ୍ୟାପଟିଭ ପାୱାର ପ୍ଲାଣ୍ଟ	ଏଚ୍‌ଟି		୭୫୦				ଡିପିଏସ
୩୦	ଚାର୍ଜିଂ ଷ୍ଟେସନ୍	ଏଚ୍‌ଟି		୫୫୦				ଡିପିଏସ
	ଇଏଚ୍‌ଟି ବର୍ଗ							
୩୧	ସାଧାରଣ ଉଦ୍ଦେଶ୍ୟ	ଇଏଚ୍‌ଟି	୨୫୦	୬୨୦				ଟିଓଡି/ଡିପିଏସ
୩୨	ବୃହତ ଶିଳ୍ପ	ଇଏଚ୍‌ଟି	୨୫୦	ଶକ୍ତି ଦେୟ ଅନୁଯାୟୀ				ଟିଓଡି/ଡିପିଏସ
୩୩	ରେଲୱେ ଟ୍ରାକସନ	ଇଏଚ୍‌ଟି	୨୫୦	୫୨୦				ଟିଓଡି/ଡିପିଏସ
୩୪	ହେଭି ଇଣ୍ଡଷ୍ଟ୍ରି	ଇଏଚ୍‌ଟି	୨୫୦	୫୨୦				ଟିଓଡି/ଡିପିଏସ
୩୫	ପାୱାର ଇଣ୍ଟେନସିଭ ଇଣ୍ଡଷ୍ଟ୍ରି	ଇଏଚ୍‌ଟି	୨୫୦	ଶକ୍ତି ଦେୟ ଅନୁଯାୟୀ				ଟିଓଡି/ଡିପିଏସ
୩୬	ମିନି ଷ୍ଟିଲ ପ୍ଲାଣ୍ଟ	ଇଏଚ୍‌ଟି	୨୫୦	ଶକ୍ତି ଦେୟ ଅନୁଯାୟୀ				ଟିଓଡି/ଡିପିଏସ
୩୭	ଏମର୍ଜେନ୍ସି ଯୋଗାଣ - କ୍ୟାପଟିଭ ପାୱାର ପ୍ଲାଣ୍ଟ	ଇଏଚ୍‌ଟି		୭୫୦				ଡିପିଏସ
୩୮	ଚାର୍ଜିଂ ଷ୍ଟେସନ୍	ଇଏଚ୍‌ଟି		୫୦୦				ଡିପିଏସ
ଲୋଡ ଫ୍ୟାକ୍ଟର ଅନୁଯାୟୀ ଶକ୍ତି ଦେୟ (ପଇସା/କେଡବ୍ଲ୍ୟୁଏଚ)
ଲୋଡ ଫ୍ୟାକ୍ଟର (%)	ଏଚ୍‌ଟି	ଇଏଚ୍‌ଟି
<=୫୦%	୫୬୦.୦୦	୫୫୫.୦୦
>୫୦%	୪୬୦.୦୦	୪୫୫.୦୦

(i) ୧୧୦ କେଭିଏରୁ କମ ଚୁକ୍ତି ଚାହିଦା ଥିବା ଏଲ୍‌ଟି ଉପଭୋକ୍ତାଙ୍କ ପାଇଁ ଚାହିଦା ଦେୟ ସଂଯୋଗୀ ଭାର ଉପରେ ଆଧାରିତ ହେବ ।

(ii) ଟାଇମ ଅଫ ଡେ (ଟିଓଡି) ଶୁଳ୍କ ରିହାତି ପ୍ରଯୁଜ୍ୟ ଉପଭୋକ୍ତାଙ୍କୁ ଅଫପିକ ସମୟରେ ବ୍ୟବହୃତ ଶକ୍ତି ପାଇଁ ପ୍ରଦାନ କରାଯିବ ।

(iii) ନିର୍ଦ୍ଧାରିତ ତାରିଖ ମଧ୍ୟରେ ବିଲ ପଇଠ ନକଲେ ବିଳମ୍ବିତ ପଇଠ ସରଚାର୍ଜ (ଡିପିଏସ) ଆଦାୟ କରାଯିବ ।

(iv) ପ୍ରମ୍ପ୍ଟ ପେମେଣ୍ଟ ରିହାତି ବିଲ ତାରିଖର ୪୮ ଘଣ୍ଟା ମଧ୍ୟରେ ପଇଠ କରୁଥିବା ଉପଭୋକ୍ତାଙ୍କୁ ମିଳିବ ।

(v) ଡିଜିଟାଲ ମାଧ୍ୟମରେ ବିଲ ପଇଠ କଲେ ଅତିରିକ୍ତ ରିହାତି ପ୍ରଦାନ କରାଯିବ ।

(vi) ଗ୍ରୀନ ଏନର୍ଜି ବ୍ୟବହାର କରୁଥିବା ଉପଭୋକ୍ତାଙ୍କ ପାଇଁ ବିଶେଷ ଶୁଳ୍କ ପ୍ରଯୁଜ୍ୟ ହେବ ।

ମିଟର ଭଡ଼ା
ମିଟର ପ୍ରକାର	ମାସିକ ଭଡ଼ା (ଟ.)
ସିଙ୍ଗଲ ଫେଜ ଇଲେକ୍ଟ୍ରୋମେକାନିକାଲ ମିଟର	୧୦
ଥ୍ରି ଫେଜ ଇଲେକ୍ଟ୍ରୋମେକାନିକାଲ ମିଟର	୩୦
ସିଙ୍ଗଲ ଫେଜ ଷ୍ଟାଟିକ ମିଟର	୨୦
ଥ୍ରି ଫେଜ ଷ୍ଟାଟିକ ମିଟର	୪୦
ଥ୍ରି ଫେଜ ଷ୍ଟାଟିକ ଟିଭିଏମ ମିଟର	୧୨୫
ଏଲ୍‌ଟି ଟିଭିଏମ ଟ୍ରାଇଭେକ୍ଟର ମିଟର	୧୨୫୦
ଏଚ୍‌ଟି ଟିଭିଏମ ଟ୍ରାଇଭେକ୍ଟର ମିଟର	୧୫୦୦
ସିଙ୍ଗଲ ଫେଜ ସ୍ମାର୍ଟ ମିଟର	୫୦
ଥ୍ରି ଫେଜ ସ୍ମାର୍ଟ ମିଟର	୧୨୦

(vii) ଏଚ୍‌ଟି ଓ ଇଏଚ୍‌ଟି ଉପଭୋକ୍ତାଙ୍କ ପାଇଁ ପାୱାର ଫ୍ୟାକ୍ଟର ପ୍ରୋତ୍ସାହନ ଓ ଜୋରିମାନା ଆୟୋଗଙ୍କ ନିର୍ଦ୍ଦେଶ ଅନୁଯାୟୀ ହେବ ।

(viii) ପ୍ରି-ପେଡ ମିଟର ବ୍ୟବହାର କରୁଥିବା ଉପଭୋକ୍ତାଙ୍କୁ ଶକ୍ତି ଦେୟରେ ରିହାତି ମିଳିବ ।

(ix) ଅଧିକ ବ୍ୟବହାର ଶୁଳ୍କ ଚୁକ୍ତି ଚାହିଦାଠାରୁ ଅଧିକ ଚାହିଦା କ୍ଷେତ୍ରରେ ପ୍ରଯୁଜ୍ୟ ହେବ ।

(x) ବିଦ୍ୟୁତ ଶୁଳ୍କ ରାଜ୍ୟ ସରକାରଙ୍କ ନିୟମ ଅନୁଯାୟୀ ଅଲଗା ଭାବେ ଆଦାୟ କରାଯିବ ।

(xi) ସଂଯୋଗ ବିଚ୍ଛିନ୍ନ ଓ ପୁନଃସଂଯୋଗ ଦେୟ ସର୍ତ୍ତାବଳୀ ଅନୁଯାୟୀ ଆଦାୟ ହେବ ।

(xii) କୃଷି ଓ ସମ୍ବନ୍ଧିତ କାର୍ଯ୍ୟ ପାଇଁ ଗ୍ରାହକ ସେବା ଦେୟ ଛାଡ଼ କରାଯାଇପାରିବ ।

(xiii) ସମସ୍ତ ଶୁଳ୍କ ସମ୍ବନ୍ଧୀୟ ବିସ୍ତୃତ ତଥ୍ୟ ଆୟୋଗଙ୍କ ଆଦେଶରେ ଉପଲବ୍ଧ ।

(xiv) ଅଧିକ ତଥ୍ୟ ପାଇଁ ନିକଟସ୍ଥ ଗ୍ରାହକ ସେବା କେନ୍ଦ୍ର ସହ ଯୋଗାଯୋଗ କରନ୍ତୁ କିମ୍ବା ଟୋଲଫ୍ରି ନମ୍ବର ୧୯୧୨ରେ କଲ କରନ୍ତୁ ।
